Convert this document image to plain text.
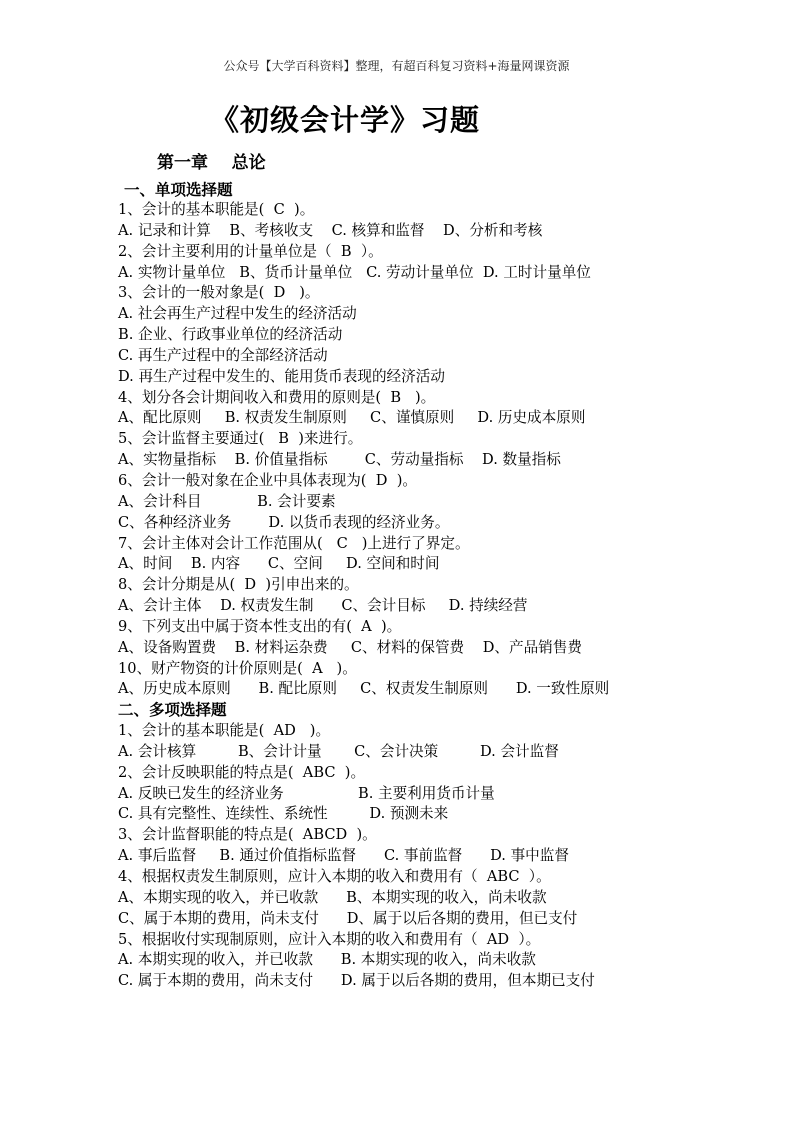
公众号【大学百科资料】整理，有超百科复习资料+海量网课资源
《初级会计学》习题
第一章    总论
一、单项选择题
1、会计的基本职能是(  C  )。
A. 记录和计算    B、考核收支    C. 核算和监督    D、分析和考核
2、会计主要利用的计量单位是（  B  ）。
A. 实物计量单位   B、货币计量单位   C. 劳动计量单位  D. 工时计量单位
3、会计的一般对象是(  D   )。
A. 社会再生产过程中发生的经济活动
B. 企业、行政事业单位的经济活动
C. 再生产过程中的全部经济活动
D. 再生产过程中发生的、能用货币表现的经济活动
4、划分各会计期间收入和费用的原则是(  B   )。
A、配比原则     B. 权责发生制原则     C、谨慎原则     D. 历史成本原则
5、会计监督主要通过(   B  )来进行。
A、实物量指标    B. 价值量指标        C、劳动量指标    D. 数量指标
6、会计一般对象在企业中具体表现为(  D  )。
A、会计科目            B. 会计要素
C、各种经济业务        D. 以货币表现的经济业务。
7、会计主体对会计工作范围从(   C   )上进行了界定。
A、时间    B. 内容      C、空间     D. 空间和时间
8、会计分期是从(  D  )引申出来的。
A、会计主体    D. 权责发生制      C、会计目标     D. 持续经营
9、下列支出中属于资本性支出的有(  A  )。
A、设备购置费    B. 材料运杂费     C、材料的保管费    D、产品销售费
10、财产物资的计价原则是(  A   )。
A、历史成本原则      B. 配比原则     C、权责发生制原则      D. 一致性原则
二、多项选择题
1、会计的基本职能是(  AD   )。
A. 会计核算         B、会计计量       C、会计决策         D. 会计监督
2、会计反映职能的特点是(  ABC  )。
A. 反映已发生的经济业务                B. 主要利用货币计量
C. 具有完整性、连续性、系统性         D. 预测未来
3、会计监督职能的特点是(  ABCD  )。
A. 事后监督     B. 通过价值指标监督      C. 事前监督      D. 事中监督
4、根据权责发生制原则，应计入本期的收入和费用有（  ABC  ）。
A、本期实现的收入，并已收款      B、本期实现的收入，尚未收款
C、属于本期的费用，尚未支付      D、属于以后各期的费用，但已支付
5、根据收付实现制原则，应计入本期的收入和费用有（  AD  ）。
A. 本期实现的收入，并已收款      B. 本期实现的收入，尚未收款
C. 属于本期的费用，尚未支付      D. 属于以后各期的费用，但本期已支付
